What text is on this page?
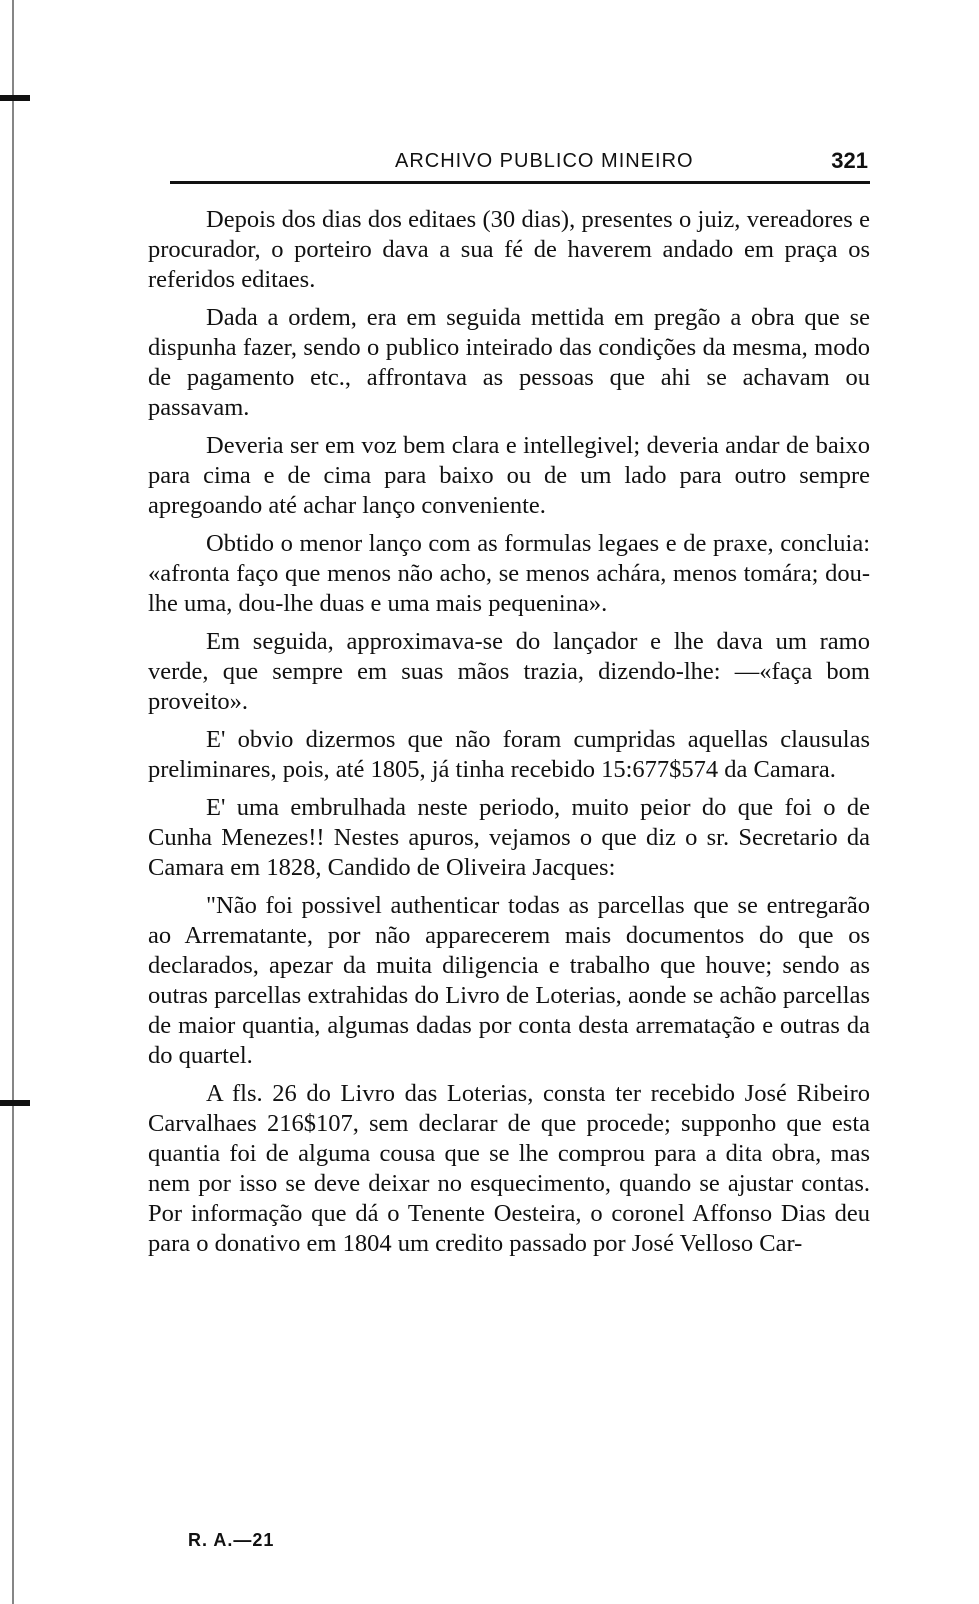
ARCHIVO PUBLICO MINEIRO	321

Depois dos dias dos editaes (30 dias), presentes o juiz, vereadores e procurador, o porteiro dava a sua fé de haverem andado em praça os referidos editaes.

Dada a ordem, era em seguida mettida em pregão a obra que se dispunha fazer, sendo o publico inteirado das condições da mesma, modo de pagamento etc., affrontava as pessoas que ahi se achavam ou passavam.

Deveria ser em voz bem clara e intellegivel; deveria andar de baixo para cima e de cima para baixo ou de um lado para outro sempre apregoando até achar lanço conveniente.

Obtido o menor lanço com as formulas legaes e de praxe, concluia: «afronta faço que menos não acho, se menos achára, menos tomára; dou-lhe uma, dou-lhe duas e uma mais pequenina».

Em seguida, approximava-se do lançador e lhe dava um ramo verde, que sempre em suas mãos trazia, dizendo-lhe: —«faça bom proveito».

E' obvio dizermos que não foram cumpridas aquellas clausulas preliminares, pois, até 1805, já tinha recebido 15:677$574 da Camara.

E' uma embrulhada neste periodo, muito peior do que foi o de Cunha Menezes!! Nestes apuros, vejamos o que diz o sr. Secretario da Camara em 1828, Candido de Oliveira Jacques:

"Não foi possivel authenticar todas as parcellas que se entregarão ao Arrematante, por não apparecerem mais documentos do que os declarados, apezar da muita diligencia e trabalho que houve; sendo as outras parcellas extrahidas do Livro de Loterias, aonde se achão parcellas de maior quantia, algumas dadas por conta desta arrematação e outras da do quartel.

A fls. 26 do Livro das Loterias, consta ter recebido José Ribeiro Carvalhaes 216$107, sem declarar de que procede; supponho que esta quantia foi de alguma cousa que se lhe comprou para a dita obra, mas nem por isso se deve deixar no esquecimento, quando se ajustar contas. Por informação que dá o Tenente Oesteira, o coronel Affonso Dias deu para o donativo em 1804 um credito passado por José Velloso Car-

R. A.—21
